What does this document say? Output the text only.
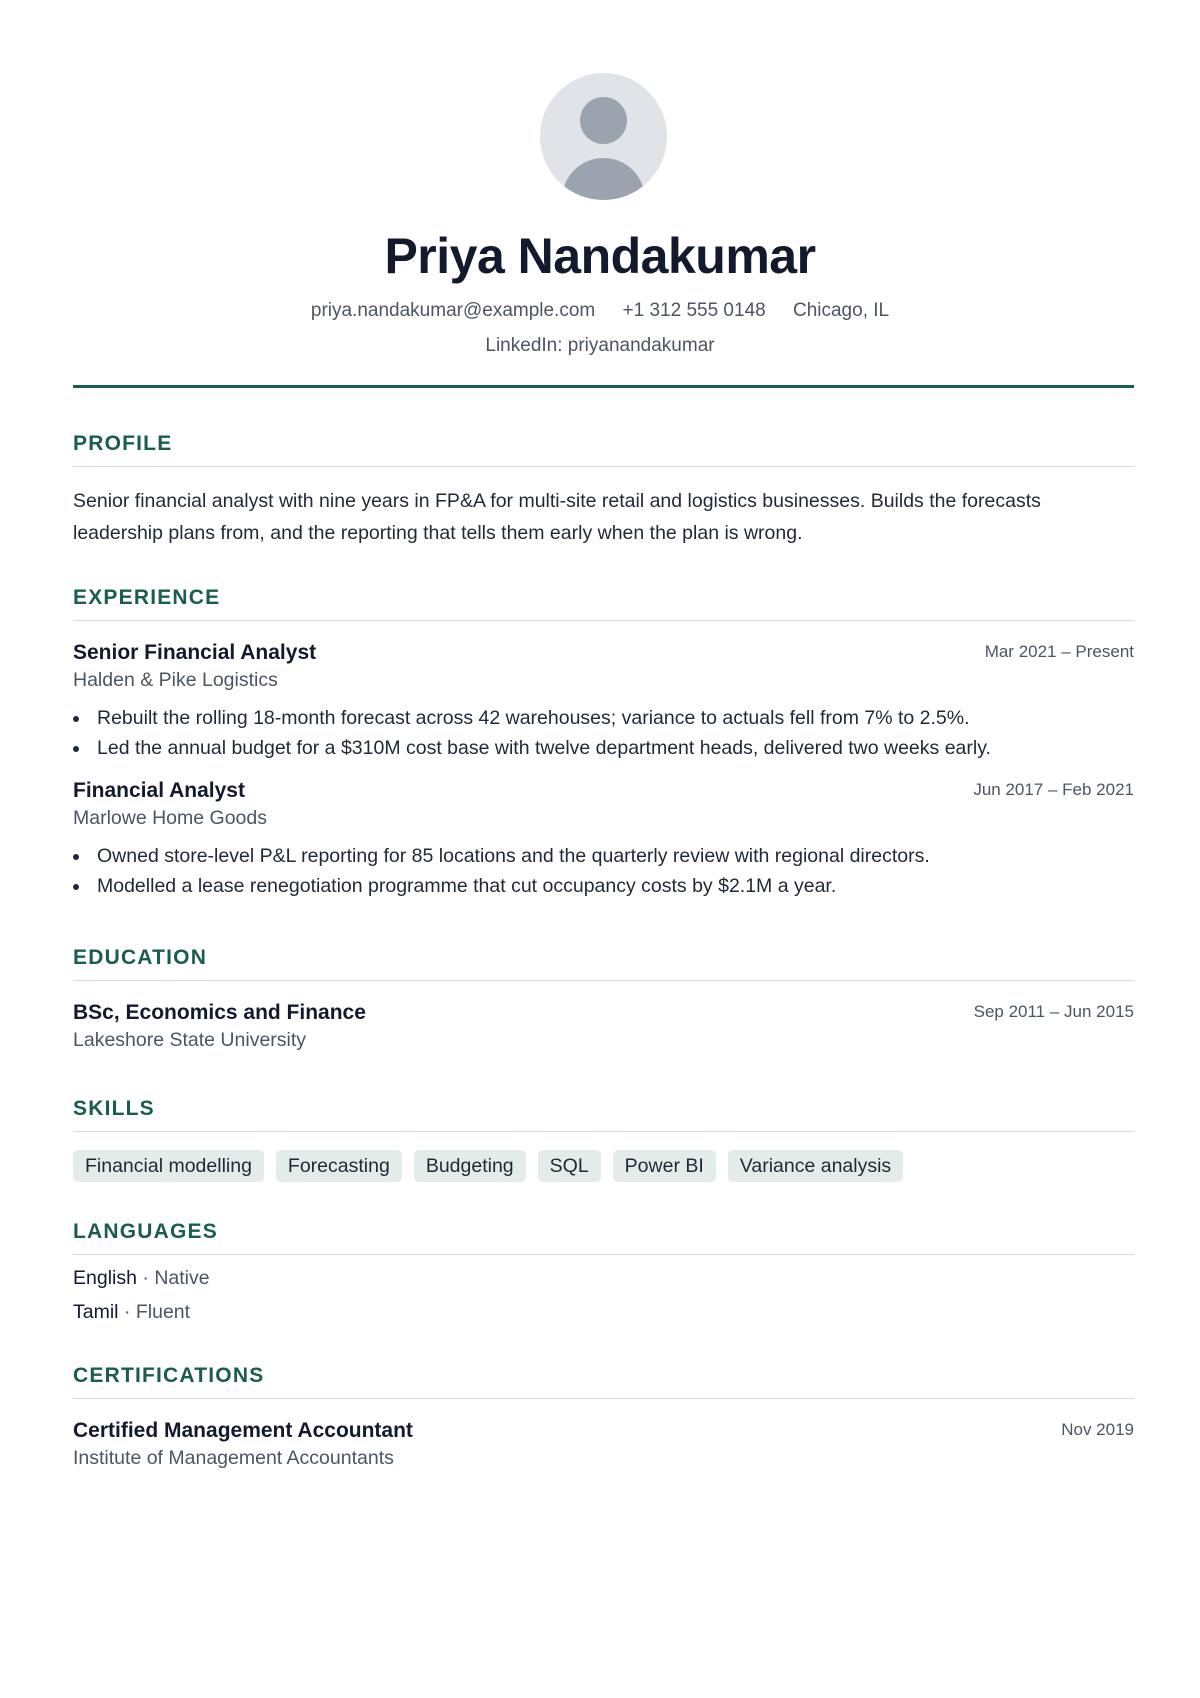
Priya Nandakumar
priya.nandakumar@example.com +1 312 555 0148 Chicago, IL
LinkedIn: priyanandakumar
PROFILE

Senior financial analyst with nine years in FP&A for multi-site retail and logistics businesses. Builds the forecasts leadership plans from, and the reporting that tells them early when the plan is wrong.

EXPERIENCE
Senior Financial Analyst
Halden & Pike Logistics
Mar 2021 – Present
Rebuilt the rolling 18-month forecast across 42 warehouses; variance to actuals fell from 7% to 2.5%.
Led the annual budget for a $310M cost base with twelve department heads, delivered two weeks early.
Financial Analyst
Marlowe Home Goods
Jun 2017 – Feb 2021
Owned store-level P&L reporting for 85 locations and the quarterly review with regional directors.
Modelled a lease renegotiation programme that cut occupancy costs by $2.1M a year.
EDUCATION
BSc, Economics and Finance
Lakeshore State University
Sep 2011 – Jun 2015
SKILLS
Financial modelling	Forecasting	Budgeting	SQL	Power BI	Variance analysis
LANGUAGES
English · Native
Tamil · Fluent
CERTIFICATIONS
Certified Management Accountant
Institute of Management Accountants
Nov 2019
